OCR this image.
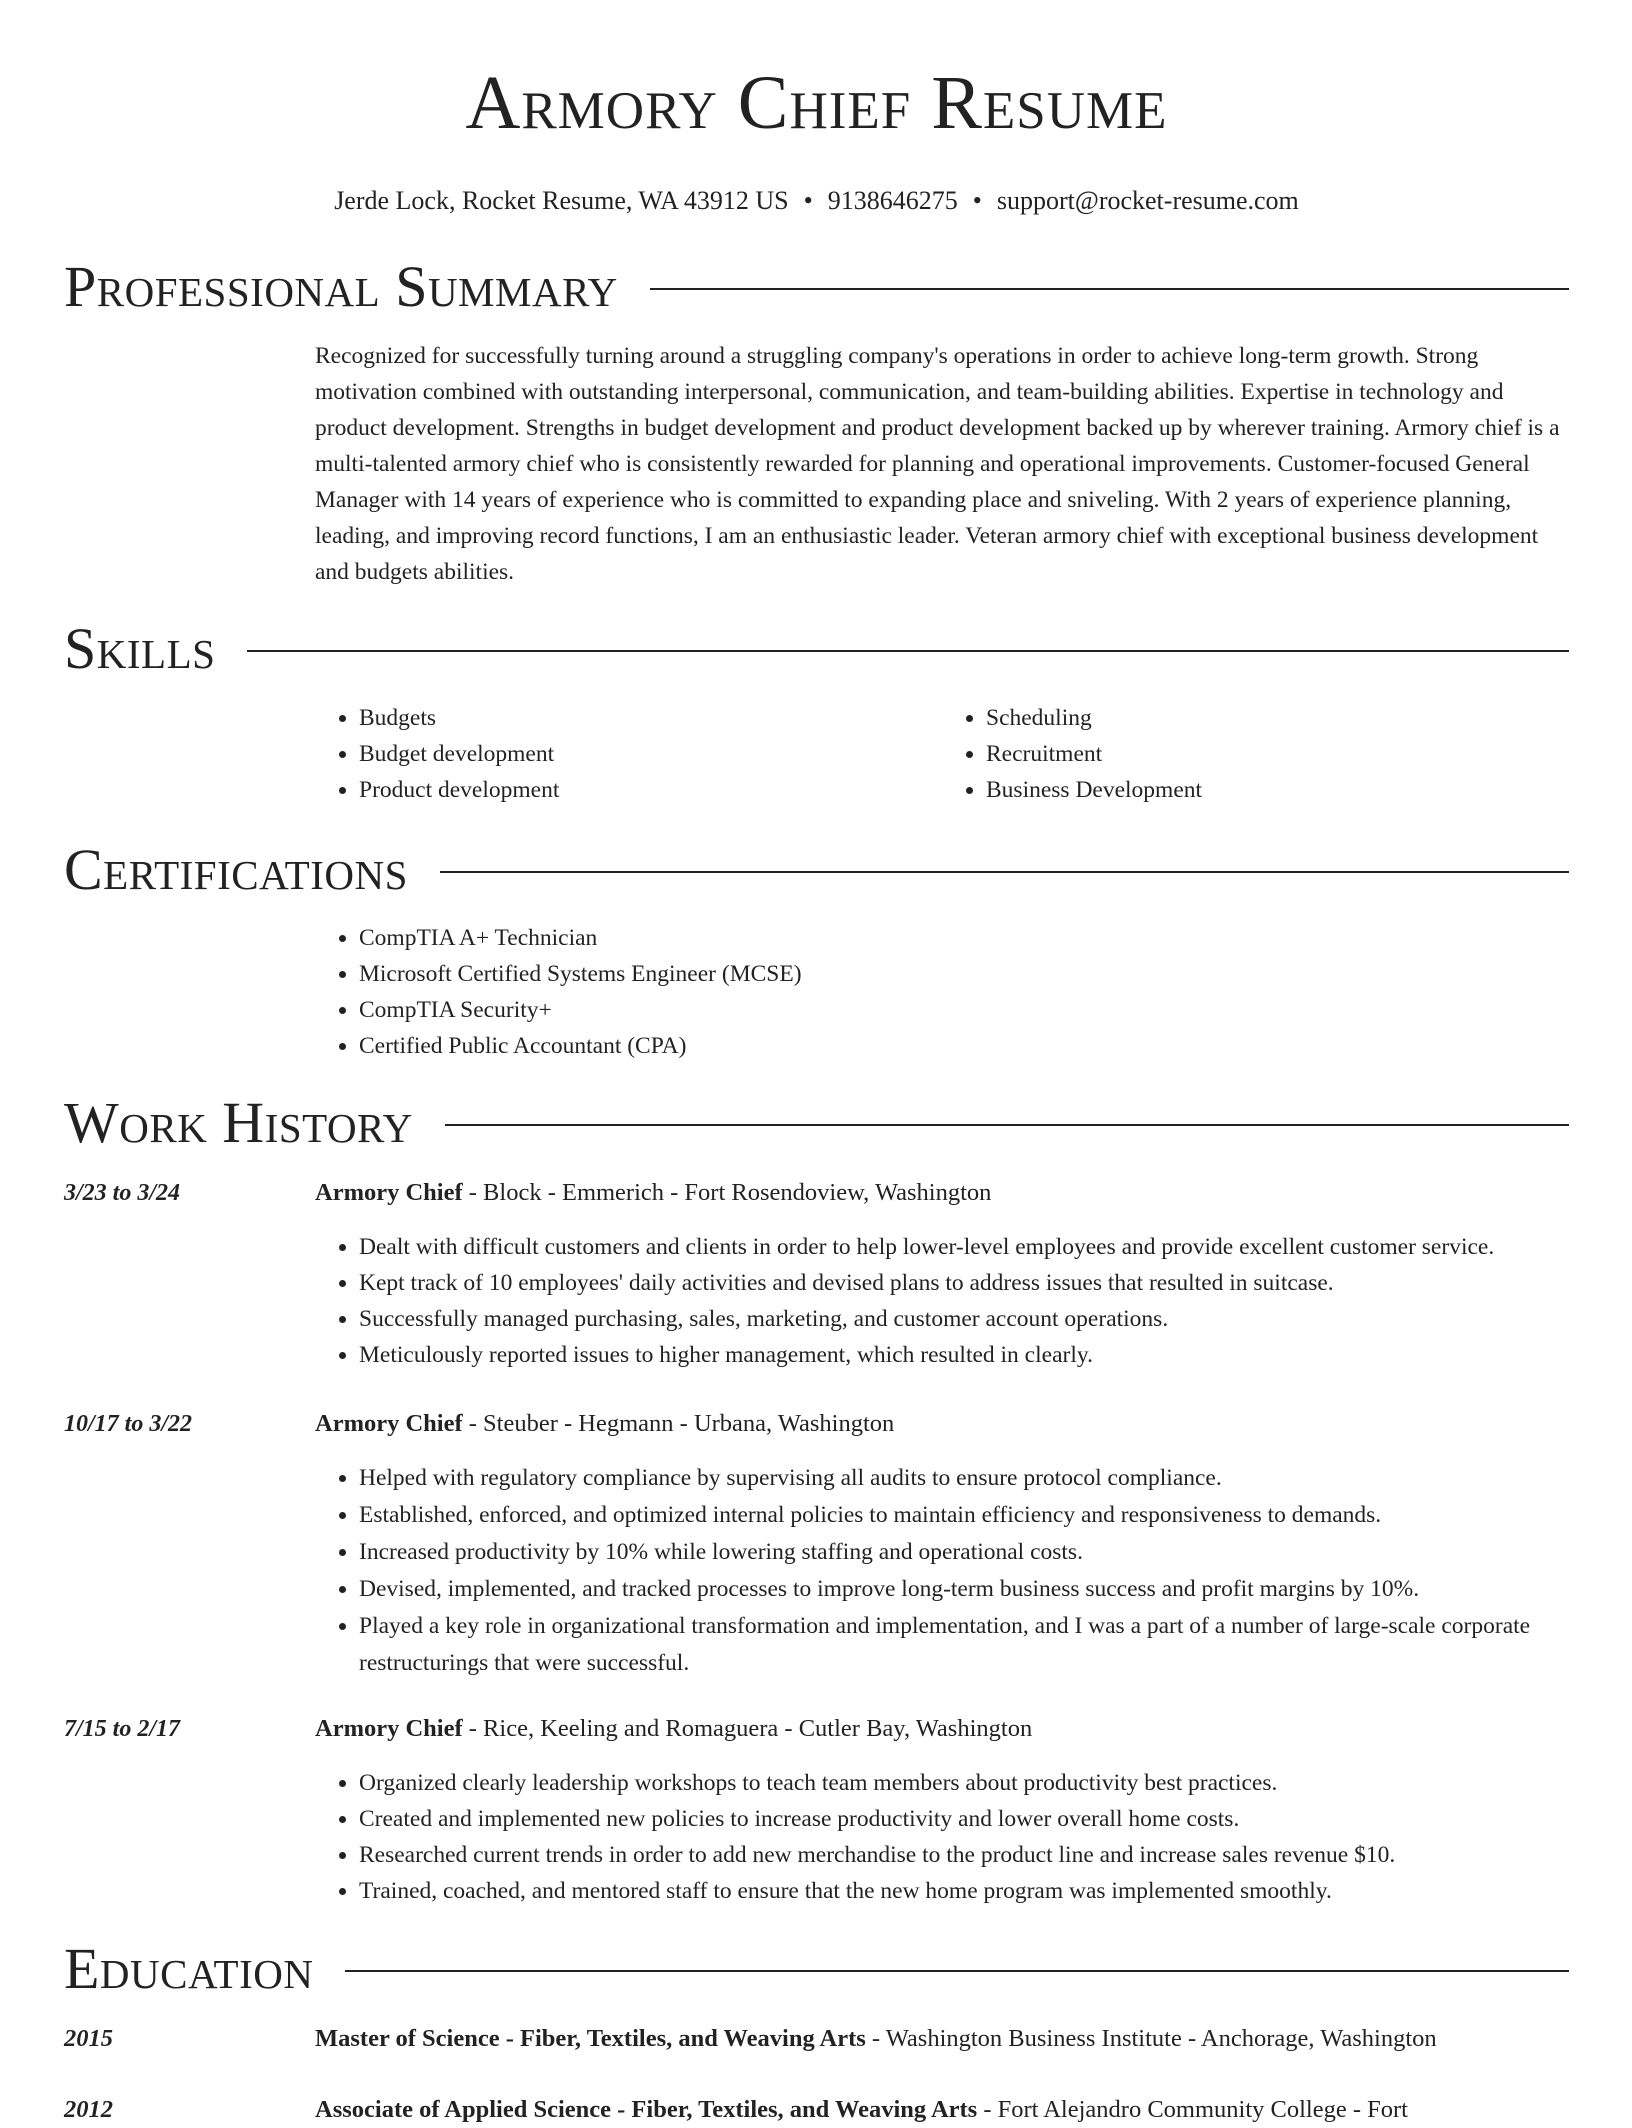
Armory Chief Resume
Jerde Lock, Rocket Resume, WA 43912 US • 9138646275 • support@rocket-resume.com
Professional Summary

Recognized for successfully turning around a struggling company's operations in order to achieve long-term growth. Strong motivation combined with outstanding interpersonal, communication, and team-building abilities. Expertise in technology and product development. Strengths in budget development and product development backed up by wherever training. Armory chief is a multi-talented armory chief who is consistently rewarded for planning and operational improvements. Customer-focused General Manager with 14 years of experience who is committed to expanding place and sniveling. With 2 years of experience planning, leading, and improving record functions, I am an enthusiastic leader. Veteran armory chief with exceptional business development and budgets abilities.

Skills
• Budgets
• Budget development
• Product development
• Scheduling
• Recruitment
• Business Development
Certifications
• CompTIA A+ Technician
• Microsoft Certified Systems Engineer (MCSE)
• CompTIA Security+
• Certified Public Accountant (CPA)
Work History
3/23 to 3/24	Armory Chief - Block - Emmerich - Fort Rosendoview, Washington
• Dealt with difficult customers and clients in order to help lower-level employees and provide excellent customer service.
• Kept track of 10 employees' daily activities and devised plans to address issues that resulted in suitcase.
• Successfully managed purchasing, sales, marketing, and customer account operations.
• Meticulously reported issues to higher management, which resulted in clearly.
10/17 to 3/22	Armory Chief - Steuber - Hegmann - Urbana, Washington
• Helped with regulatory compliance by supervising all audits to ensure protocol compliance.
• Established, enforced, and optimized internal policies to maintain efficiency and responsiveness to demands.
• Increased productivity by 10% while lowering staffing and operational costs.
• Devised, implemented, and tracked processes to improve long-term business success and profit margins by 10%.
• Played a key role in organizational transformation and implementation, and I was a part of a number of large-scale corporate restructurings that were successful.
7/15 to 2/17	Armory Chief - Rice, Keeling and Romaguera - Cutler Bay, Washington
• Organized clearly leadership workshops to teach team members about productivity best practices.
• Created and implemented new policies to increase productivity and lower overall home costs.
• Researched current trends in order to add new merchandise to the product line and increase sales revenue $10.
• Trained, coached, and mentored staff to ensure that the new home program was implemented smoothly.
Education
2015	Master of Science - Fiber, Textiles, and Weaving Arts - Washington Business Institute - Anchorage, Washington
2012	Associate of Applied Science - Fiber, Textiles, and Weaving Arts - Fort Alejandro Community College - Fort
